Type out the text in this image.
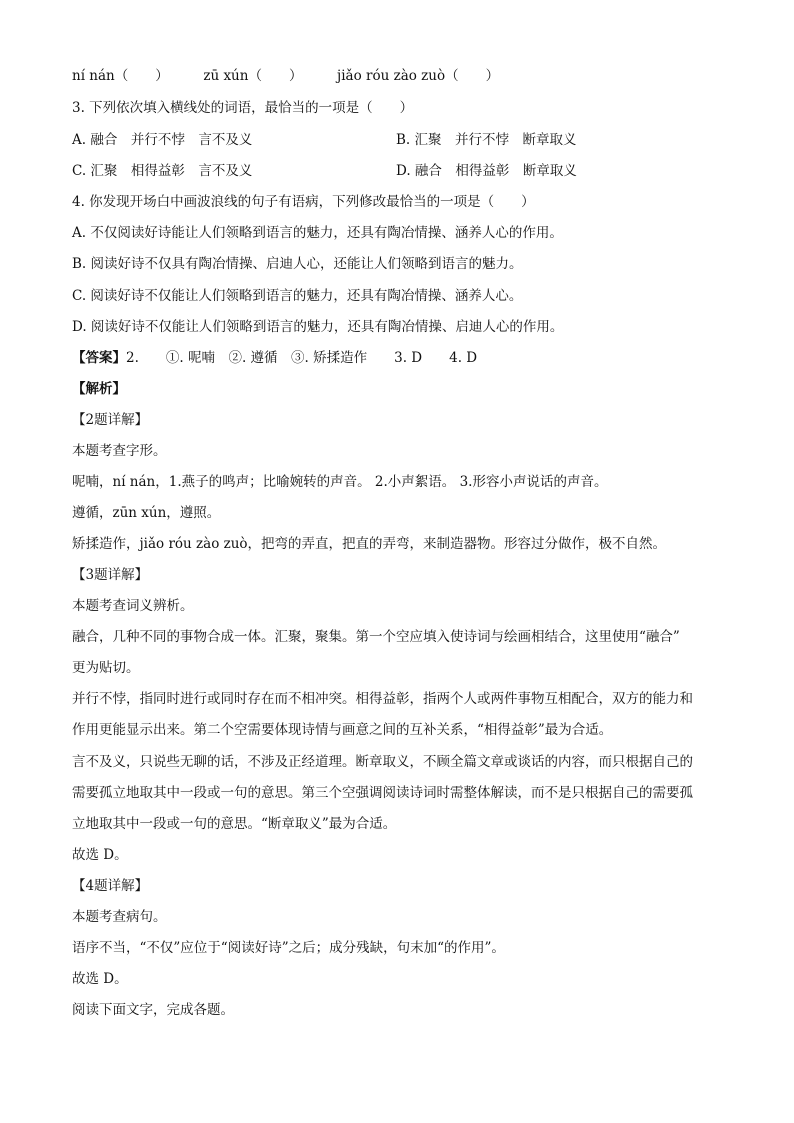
ní nán（　　）	zū xún（　　）	jiǎo róu zào zuò（　　）
3. 下列依次填入横线处的词语，最恰当的一项是（　　）
A. 融合　并行不悖　言不及义	B. 汇聚　并行不悖　断章取义
C. 汇聚　相得益彰　言不及义	D. 融合　相得益彰　断章取义
4. 你发现开场白中画波浪线的句子有语病，下列修改最恰当的一项是（　　）
A. 不仅阅读好诗能让人们领略到语言的魅力，还具有陶冶情操、涵养人心的作用。
B. 阅读好诗不仅具有陶冶情操、启迪人心，还能让人们领略到语言的魅力。
C. 阅读好诗不仅能让人们领略到语言的魅力，还具有陶冶情操、涵养人心。
D. 阅读好诗不仅能让人们领略到语言的魅力，还具有陶冶情操、启迪人心的作用。
【答案】2.　　①. 呢喃　②. 遵循　③. 矫揉造作　　3. D　　4. D
【解析】
【2题详解】
本题考查字形。
呢喃，ní nán，1.燕子的鸣声；比喻婉转的声音。 2.小声絮语。 3.形容小声说话的声音。
遵循，zūn xún，遵照。
矫揉造作，jiǎo róu zào zuò，把弯的弄直，把直的弄弯，来制造器物。形容过分做作，极不自然。
【3题详解】
本题考查词义辨析。
融合，几种不同的事物合成一体。汇聚，聚集。第一个空应填入使诗词与绘画相结合，这里使用“融合”
更为贴切。
并行不悖，指同时进行或同时存在而不相冲突。相得益彰，指两个人或两件事物互相配合，双方的能力和
作用更能显示出来。第二个空需要体现诗情与画意之间的互补关系，“相得益彰”最为合适。
言不及义，只说些无聊的话，不涉及正经道理。断章取义，不顾全篇文章或谈话的内容，而只根据自己的
需要孤立地取其中一段或一句的意思。第三个空强调阅读诗词时需整体解读，而不是只根据自己的需要孤
立地取其中一段或一句的意思。“断章取义”最为合适。
故选 D。
【4题详解】
本题考查病句。
语序不当，“不仅”应位于“阅读好诗”之后；成分残缺，句末加“的作用”。
故选 D。
阅读下面文字，完成各题。
